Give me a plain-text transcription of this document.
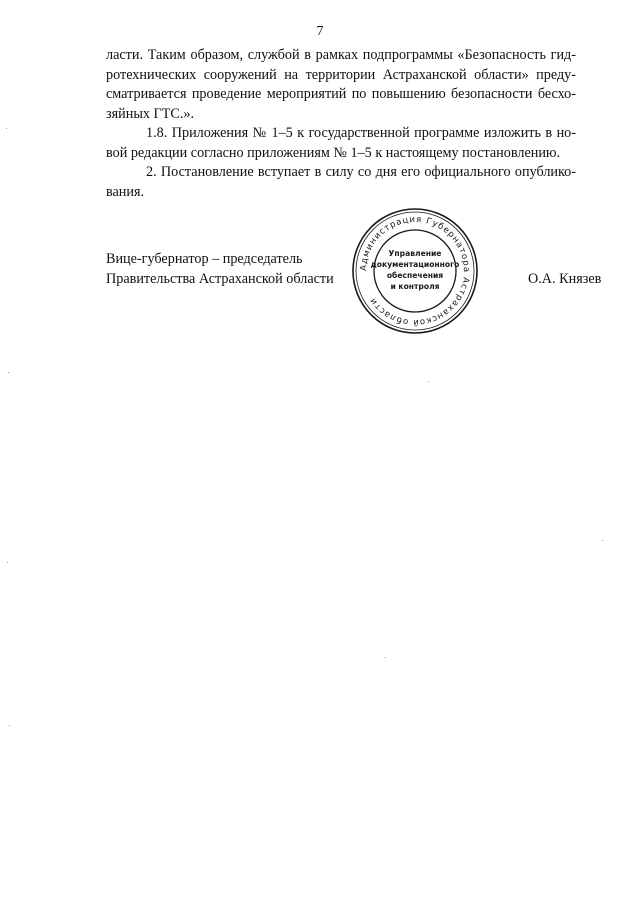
7

ласти. Таким образом, службой в рамках подпрограммы «Безопасность гид-
ротехнических сооружений на территории Астраханской области» преду-
сматривается проведение мероприятий по повышению безопасности бесхо-
зяйных ГТС.».

1.8. Приложения № 1–5 к государственной программе изложить в но-
вой редакции согласно приложениям № 1–5 к настоящему постановлению.

2. Постановление вступает в силу со дня его официального опублико-
вания.

Вице-губернатор – председатель
Правительства Астраханской области	О.А. Князев
Администрация Губернатора Астраханской области
Управление
документационного
обеспечения
и контроля
